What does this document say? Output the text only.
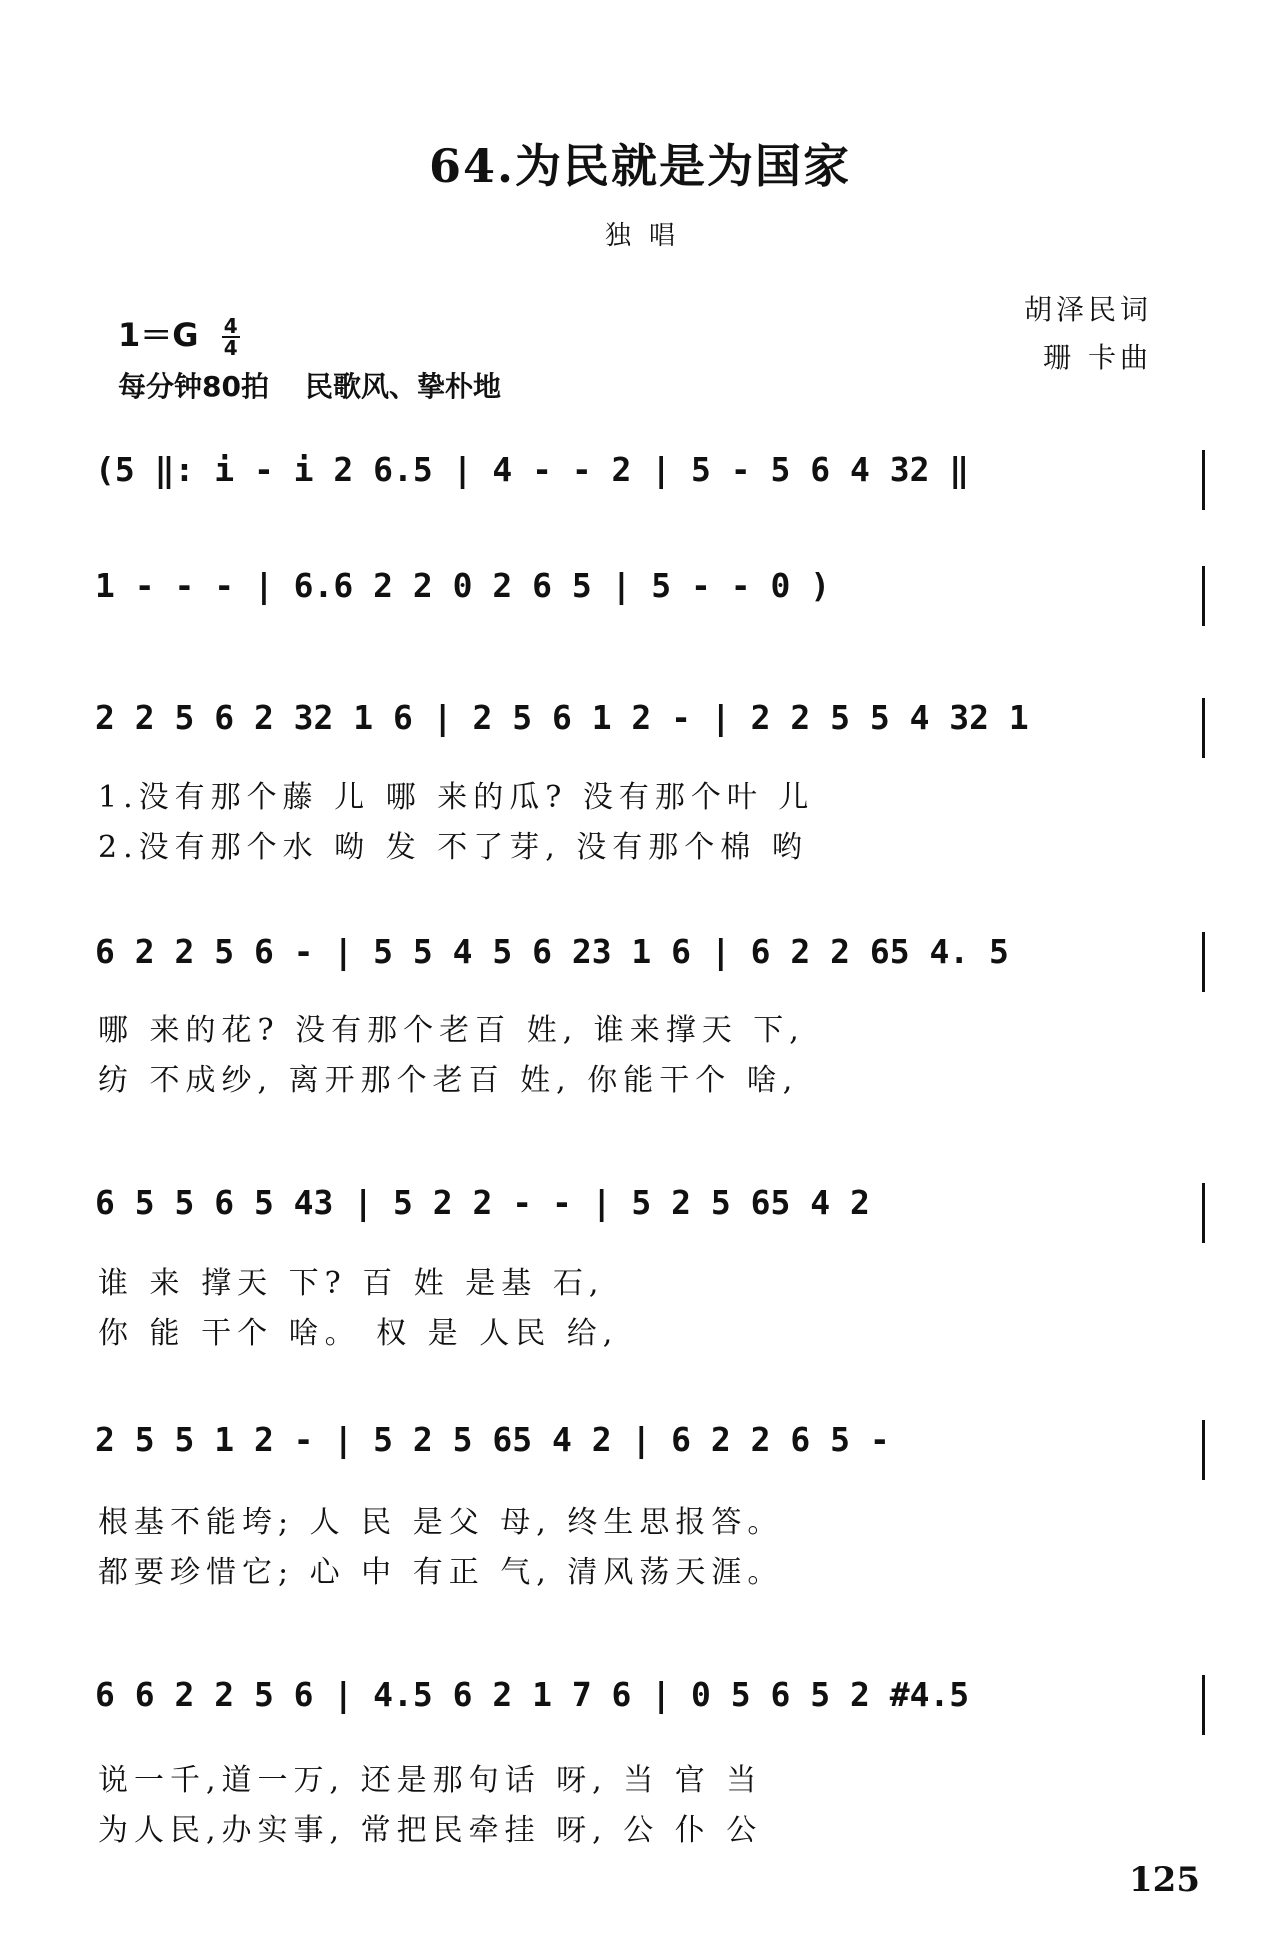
64.为民就是为国家
独唱
$1=G \frac{4}{4}$
每分钟80拍 民歌风、挚朴地
胡泽民词
珊 卡曲
(5 ‖: i - i 2 6.5 | 4 - - 2 | 5 - 5 6 4 32 ‖
1 - - - | 6.6 2 2 0 2 6 5 | 5 - - 0 )
2 2 5 6 2 32 1 6 | 2 5 6 1 2 - | 2 2 5 5 4 32 1
1.没有那个藤 儿 哪 来的瓜? 没有那个叶 儿
2.没有那个水 呦 发 不了芽, 没有那个棉 哟
6 2 2 5 6 - | 5 5 4 5 6 23 1 6 | 6 2 2 65 4. 5
哪 来的花? 没有那个老百 姓, 谁来撑天 下,
纺 不成纱, 离开那个老百 姓, 你能干个 啥,
6 5 5 6 5 43 | 5 2 2 - - | 5 2 5 65 4 2
谁 来 撑天 下? 百 姓 是基 石,
你 能 干个 啥。 权 是 人民 给,
2 5 5 1 2 - | 5 2 5 65 4 2 | 6 2 2 6 5 -
根基不能垮; 人 民 是父 母, 终生思报答。
都要珍惜它; 心 中 有正 气, 清风荡天涯。
6 6 2 2 5 6 | 4.5 6 2 1 7 6 | 0 5 6 5 2 #4.5
说一千,道一万, 还是那句话 呀, 当 官 当
为人民,办实事, 常把民牵挂 呀, 公 仆 公
125
